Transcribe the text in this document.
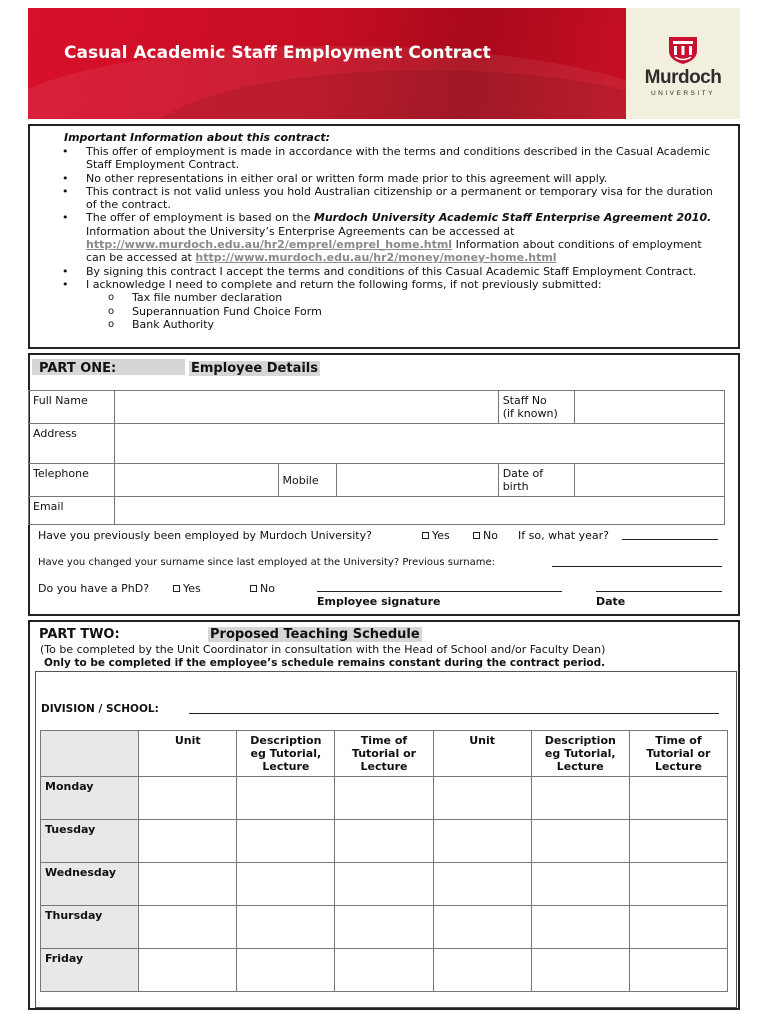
Casual Academic Staff Employment Contract
Murdoch
UNIVERSITY
Important Information about this contract:
• This offer of employment is made in accordance with the terms and conditions described in the Casual Academic Staff Employment Contract.
• No other representations in either oral or written form made prior to this agreement will apply.
• This contract is not valid unless you hold Australian citizenship or a permanent or temporary visa for the duration of the contract.
• The offer of employment is based on the Murdoch University Academic Staff Enterprise Agreement 2010. Information about the University’s Enterprise Agreements can be accessed at http://www.murdoch.edu.au/hr2/emprel/emprel_home.html Information about conditions of employment can be accessed at http://www.murdoch.edu.au/hr2/money/money-home.html
• By signing this contract I accept the terms and conditions of this Casual Academic Staff Employment Contract.
• I acknowledge I need to complete and return the following forms, if not previously submitted:
o Tax file number declaration
o Superannuation Fund Choice Form
o Bank Authority
PART ONE:	Employee Details
Full Name				Staff No
(if known)	
Address					
Telephone		Mobile		Date of birth	
Email					
Have you previously been employed by Murdoch University?	Yes	No If so, what year?
Have you changed your surname since last employed at the University? Previous surname:
Do you have a PhD?	Yes	No
Employee signature	Date
PART TWO:	Proposed Teaching Schedule
(To be completed by the Unit Coordinator in consultation with the Head of School and/or Faculty Dean)
Only to be completed if the employee’s schedule remains constant during the contract period.
DIVISION / SCHOOL:
	Unit	Description eg Tutorial, Lecture	Time of Tutorial or Lecture	Unit	Description eg Tutorial, Lecture	Time of Tutorial or Lecture
Monday						
Tuesday						
Wednesday						
Thursday						
Friday						
